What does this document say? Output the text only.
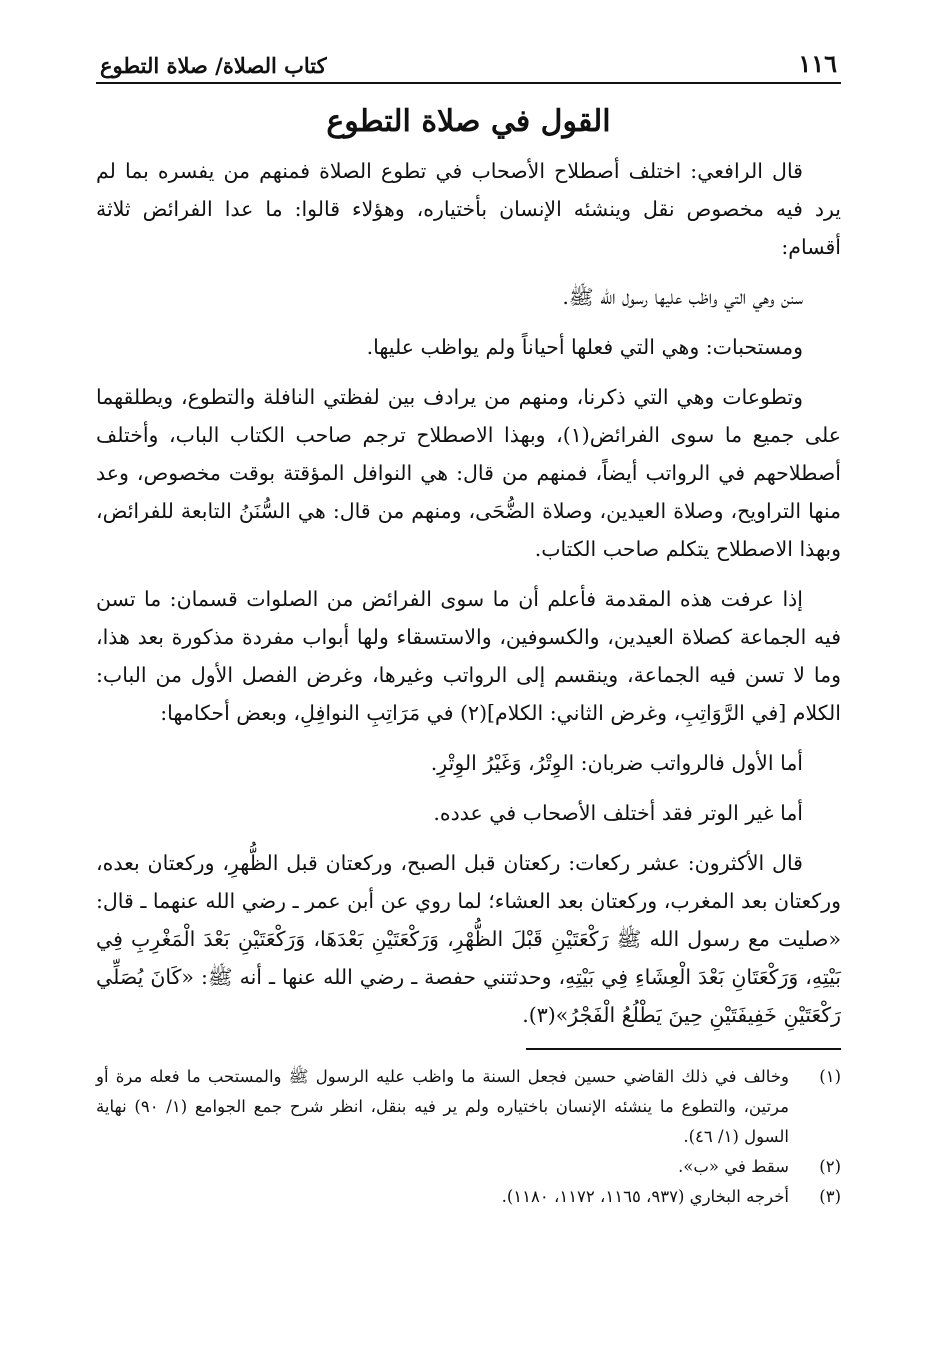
١١٦
كتاب الصلاة/ صلاة التطوع
القول في صلاة التطوع

قال الرافعي: اختلف أصطلاح الأصحاب في تطوع الصلاة فمنهم من يفسره بما لم يرد فيه مخصوص نقل وينشئه الإنسان بأختياره، وهؤلاء قالوا: ما عدا الفرائض ثلاثة أقسام:

سنن وهي التي واظب عليها رسول الله ﷺ.

ومستحبات: وهي التي فعلها أحياناً ولم يواظب عليها.

وتطوعات وهي التي ذكرنا، ومنهم من يرادف بين لفظتي النافلة والتطوع، ويطلقهما على جميع ما سوى الفرائض(١)، وبهذا الاصطلاح ترجم صاحب الكتاب الباب، وأختلف أصطلاحهم في الرواتب أيضاً، فمنهم من قال: هي النوافل المؤقتة بوقت مخصوص، وعد منها التراويح، وصلاة العيدين، وصلاة الضُّحَى، ومنهم من قال: هي السُّنَنُ التابعة للفرائض، وبهذا الاصطلاح يتكلم صاحب الكتاب.

إذا عرفت هذه المقدمة فأعلم أن ما سوى الفرائض من الصلوات قسمان: ما تسن فيه الجماعة كصلاة العيدين، والكسوفين، والاستسقاء ولها أبواب مفردة مذكورة بعد هذا، وما لا تسن فيه الجماعة، وينقسم إلى الرواتب وغيرها، وغرض الفصل الأول من الباب: الكلام [في الرَّوَاتِبِ، وغرض الثاني: الكلام](٢) في مَرَاتِبِ النوافِلِ، وبعض أحكامها:

أما الأول فالرواتب ضربان: الوِتْرُ، وَغَيْرُ الوِتْرِ.

أما غير الوتر فقد أختلف الأصحاب في عدده.

قال الأكثرون: عشر ركعات: ركعتان قبل الصبح، وركعتان قبل الظُّهرِ، وركعتان بعده، وركعتان بعد المغرب، وركعتان بعد العشاء؛ لما روي عن أبن عمر ـ رضي الله عنهما ـ قال: «صليت مع رسول الله ﷺ رَكْعَتَيْنِ قَبْلَ الظُّهْرِ، وَرَكْعَتَيْنِ بَعْدَهَا، وَرَكْعَتَيْنِ بَعْدَ الْمَغْرِبِ فِي بَيْتِهِ، وَرَكْعَتَانِ بَعْدَ الْعِشَاءِ فِي بَيْتِهِ، وحدثتني حفصة ـ رضي الله عنها ـ أنه ﷺ: «كَانَ يُصَلِّي رَكْعَتَيْنِ خَفِيفَتَيْنِ حِينَ يَطْلُعُ الْفَجْرُ»(٣).

(١)
وخالف في ذلك القاضي حسين فجعل السنة ما واظب عليه الرسول ﷺ والمستحب ما فعله مرة أو مرتين، والتطوع ما ينشئه الإنسان باختياره ولم ير فيه بنقل، انظر شرح جمع الجوامع (١/ ٩٠) نهاية السول (١/ ٤٦).
(٢)
سقط في «ب».
(٣)
أخرجه البخاري (٩٣٧، ١١٦٥، ١١٧٢، ١١٨٠).
